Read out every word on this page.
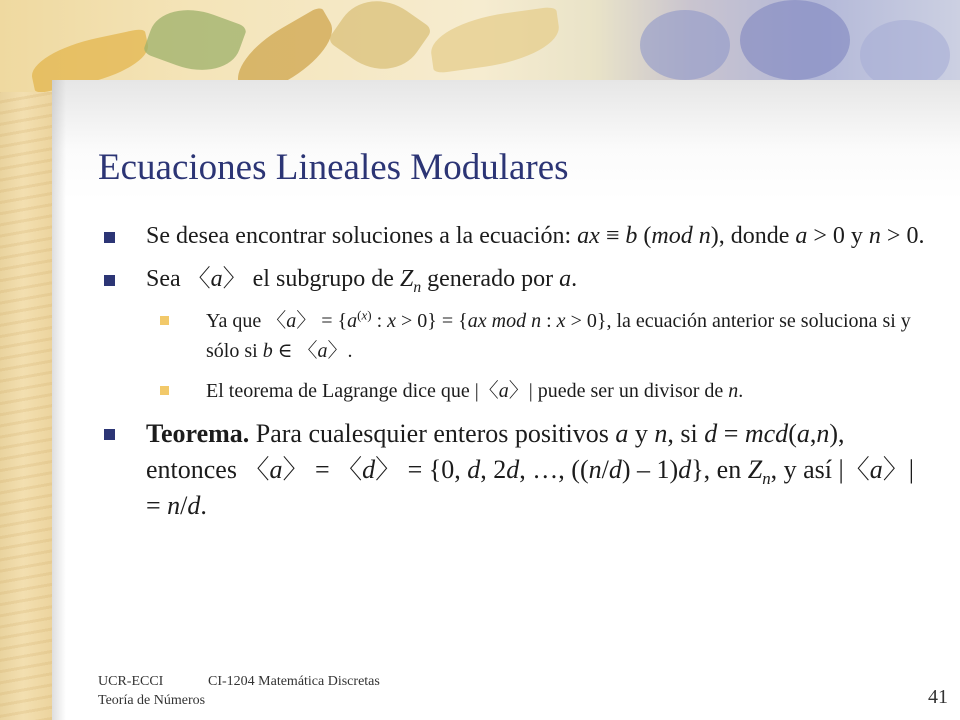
Ecuaciones Lineales Modulares
Se desea encontrar soluciones a la ecuación: ax ≡ b (mod n), donde a > 0 y n > 0.
Sea 〈a〉 el subgrupo de $Z_n$ generado por a.
Ya que 〈a〉 = {$a^{(x)}$ : x > 0} = {ax mod n : x > 0}, la ecuación anterior se soluciona si y sólo si b ∈ 〈a〉.
El teorema de Lagrange dice que |〈a〉| puede ser un divisor de n.
Teorema. Para cualesquier enteros positivos a y n, si d = mcd(a,n), entonces 〈a〉 = 〈d〉 = {0, d, 2d, …, ((n/d) – 1)d}, en $Z_n$, y así |〈a〉| = n/d.
UCR-ECCI	CI-1204 Matemática Discretas
Teoría de Números	41
